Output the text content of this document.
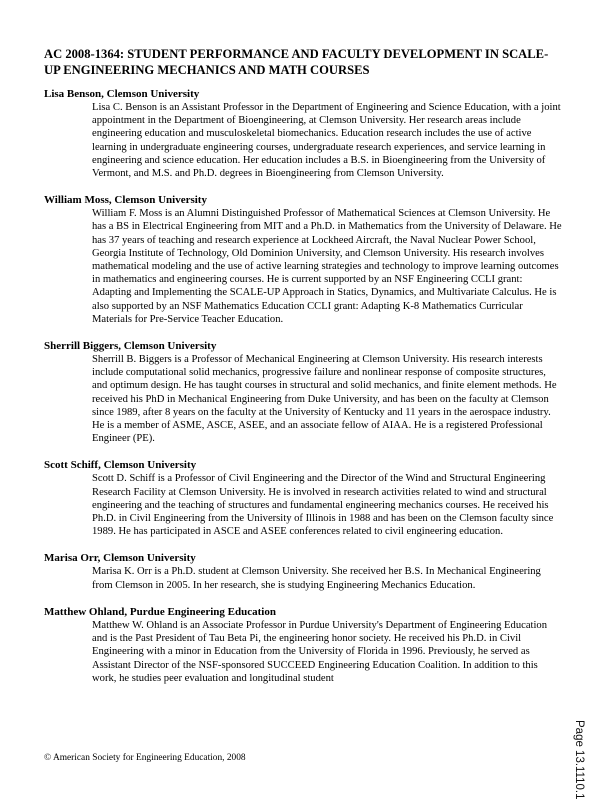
AC 2008-1364: STUDENT PERFORMANCE AND FACULTY DEVELOPMENT IN SCALE-UP ENGINEERING MECHANICS AND MATH COURSES

Lisa Benson, Clemson University

Lisa C. Benson is an Assistant Professor in the Department of Engineering and Science Education, with a joint appointment in the Department of Bioengineering, at Clemson University. Her research areas include engineering education and musculoskeletal biomechanics. Education research includes the use of active learning in undergraduate engineering courses, undergraduate research experiences, and service learning in engineering and science education. Her education includes a B.S. in Bioengineering from the University of Vermont, and M.S. and Ph.D. degrees in Bioengineering from Clemson University.

William Moss, Clemson University

William F. Moss is an Alumni Distinguished Professor of Mathematical Sciences at Clemson University. He has a BS in Electrical Engineering from MIT and a Ph.D. in Mathematics from the University of Delaware. He has 37 years of teaching and research experience at Lockheed Aircraft, the Naval Nuclear Power School, Georgia Institute of Technology, Old Dominion University, and Clemson University. His research involves mathematical modeling and the use of active learning strategies and technology to improve learning outcomes in mathematics and engineering courses. He is current supported by an NSF Engineering CCLI grant: Adapting and Implementing the SCALE-UP Approach in Statics, Dynamics, and Multivariate Calculus. He is also supported by an NSF Mathematics Education CCLI grant: Adapting K-8 Mathematics Curricular Materials for Pre-Service Teacher Education.

Sherrill Biggers, Clemson University

Sherrill B. Biggers is a Professor of Mechanical Engineering at Clemson University. His research interests include computational solid mechanics, progressive failure and nonlinear response of composite structures, and optimum design. He has taught courses in structural and solid mechanics, and finite element methods. He received his PhD in Mechanical Engineering from Duke University, and has been on the faculty at Clemson since 1989, after 8 years on the faculty at the University of Kentucky and 11 years in the aerospace industry. He is a member of ASME, ASCE, ASEE, and an associate fellow of AIAA. He is a registered Professional Engineer (PE).

Scott Schiff, Clemson University

Scott D. Schiff is a Professor of Civil Engineering and the Director of the Wind and Structural Engineering Research Facility at Clemson University. He is involved in research activities related to wind and structural engineering and the teaching of structures and fundamental engineering mechanics courses. He received his Ph.D. in Civil Engineering from the University of Illinois in 1988 and has been on the Clemson faculty since 1989. He has participated in ASCE and ASEE conferences related to civil engineering education.

Marisa Orr, Clemson University

Marisa K. Orr is a Ph.D. student at Clemson University. She received her B.S. In Mechanical Engineering from Clemson in 2005. In her research, she is studying Engineering Mechanics Education.

Matthew Ohland, Purdue Engineering Education

Matthew W. Ohland is an Associate Professor in Purdue University's Department of Engineering Education and is the Past President of Tau Beta Pi, the engineering honor society. He received his Ph.D. in Civil Engineering with a minor in Education from the University of Florida in 1996. Previously, he served as Assistant Director of the NSF-sponsored SUCCEED Engineering Education Coalition. In addition to this work, he studies peer evaluation and longitudinal student

© American Society for Engineering Education, 2008	Page 13.1110.1
